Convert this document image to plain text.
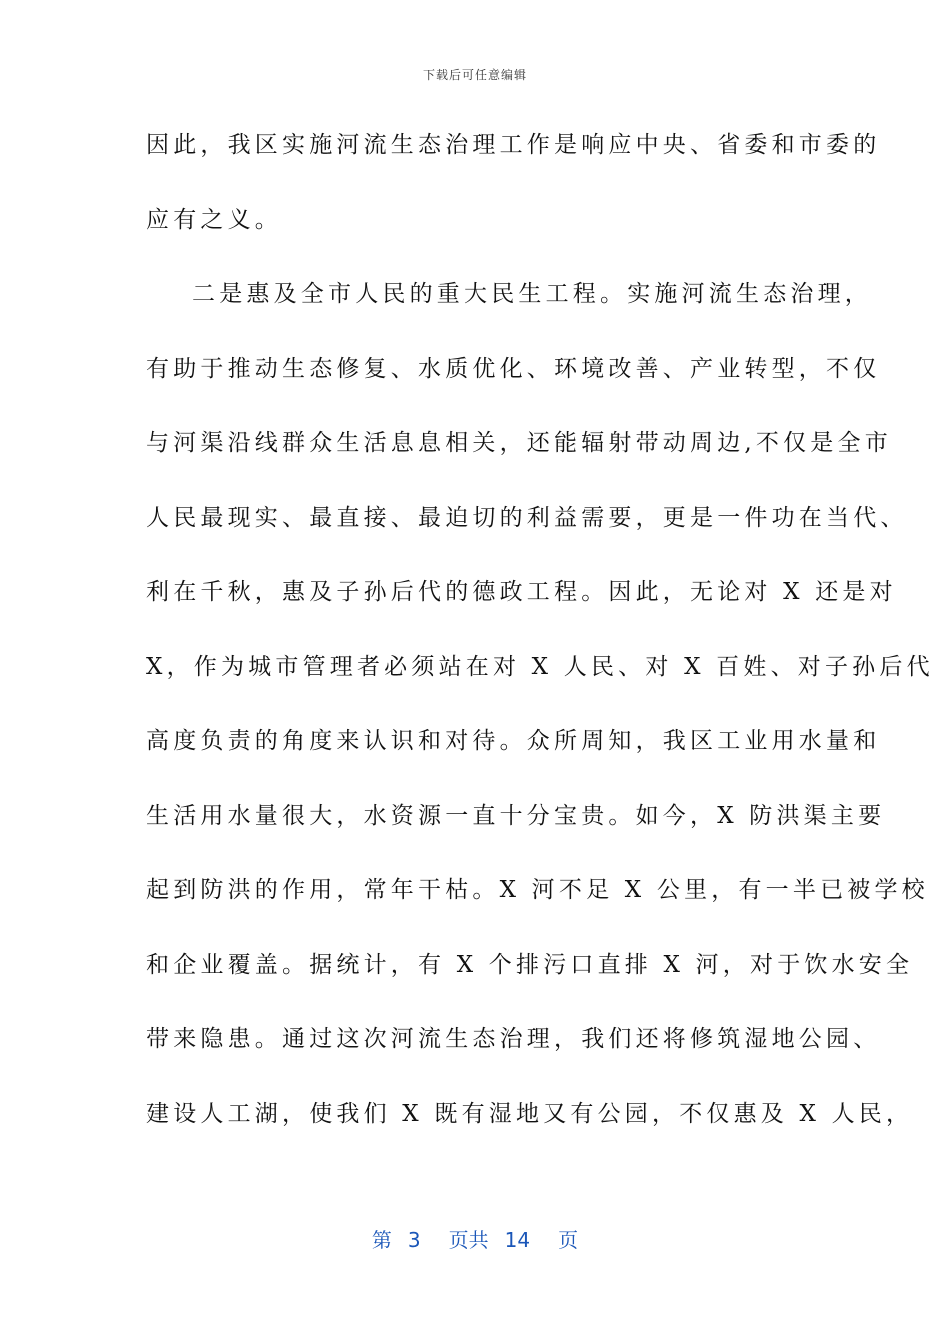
下载后可任意编辑
因此，我区实施河流生态治理工作是响应中央、省委和市委的
应有之义。
二是惠及全市人民的重大民生工程。实施河流生态治理，
有助于推动生态修复、水质优化、环境改善、产业转型，不仅
与河渠沿线群众生活息息相关，还能辐射带动周边,不仅是全市
人民最现实、最直接、最迫切的利益需要，更是一件功在当代、
利在千秋，惠及子孙后代的德政工程。因此，无论对 X 还是对
X，作为城市管理者必须站在对 X 人民、对 X 百姓、对子孙后代
高度负责的角度来认识和对待。众所周知，我区工业用水量和
生活用水量很大，水资源一直十分宝贵。如今，X 防洪渠主要
起到防洪的作用，常年干枯。X 河不足 X 公里，有一半已被学校
和企业覆盖。据统计，有 X 个排污口直排 X 河，对于饮水安全
带来隐患。通过这次河流生态治理，我们还将修筑湿地公园、
建设人工湖，使我们 X 既有湿地又有公园，不仅惠及 X 人民，
第 3 页共 14 页
